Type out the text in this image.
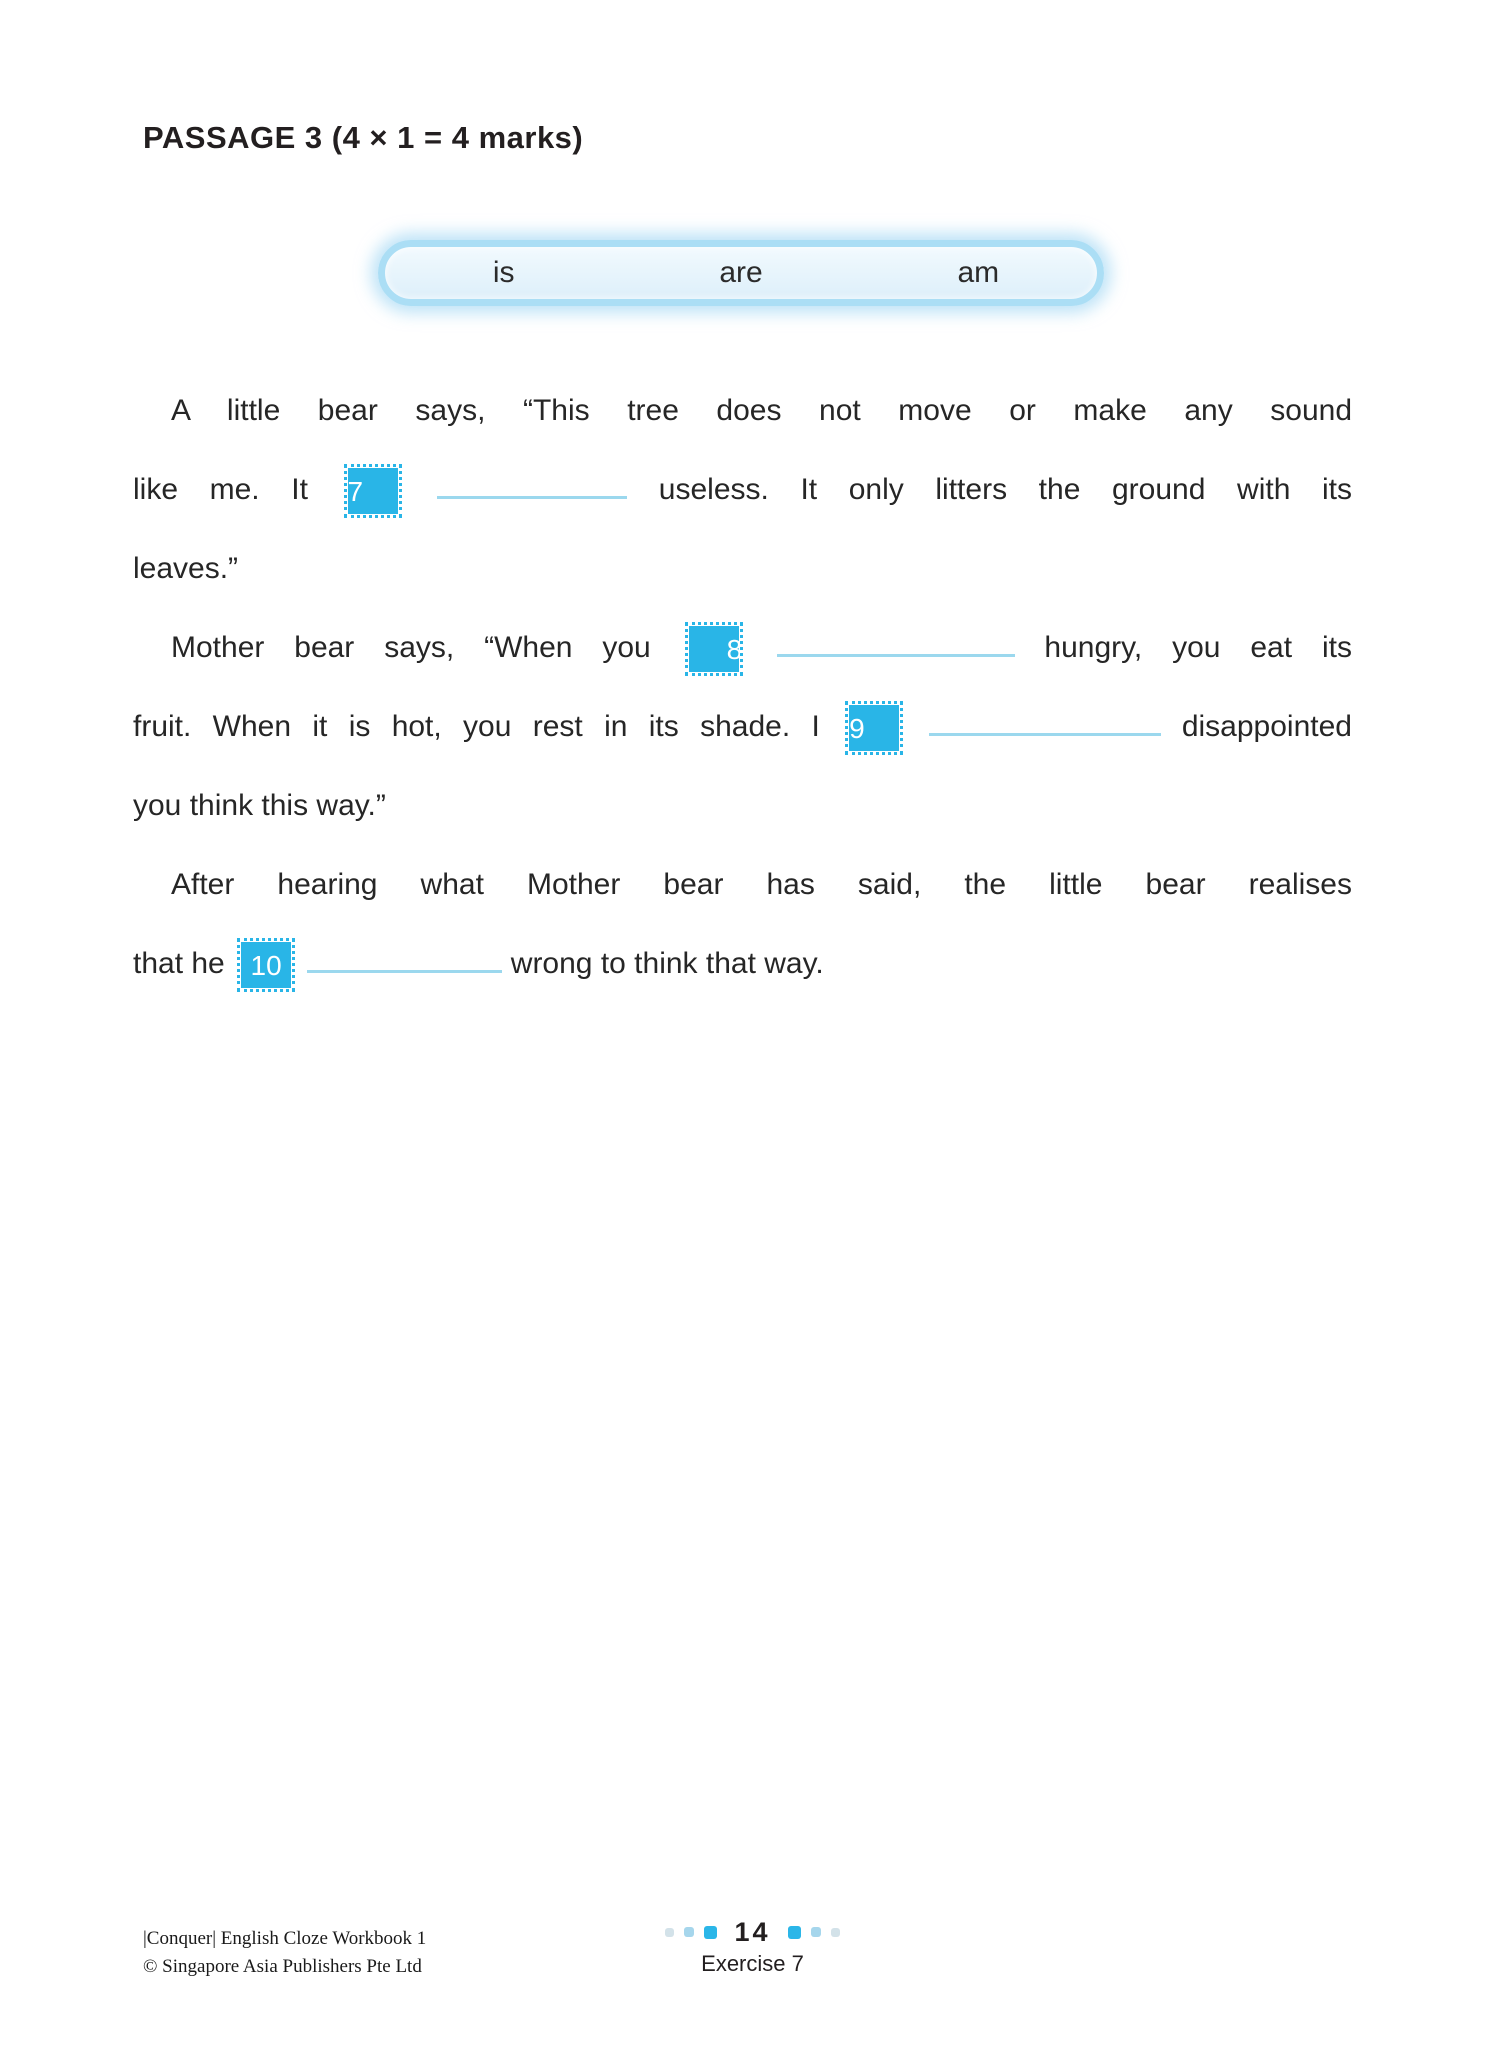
PASSAGE 3 (4 × 1 = 4 marks)
is	are	am
A little bear says, “This tree does not move or make any sound
like me. It 7	useless. It only litters the ground with its
leaves.”
Mother bear says, “When you	8	hungry, you eat its
fruit. When it is hot, you rest in its shade. I 9	disappointed
you think this way.”
After hearing what Mother bear has said, the little bear realises
that he 10	wrong to think that way.
|Conquer| English Cloze Workbook 1
© Singapore Asia Publishers Pte Ltd
14
Exercise 7
